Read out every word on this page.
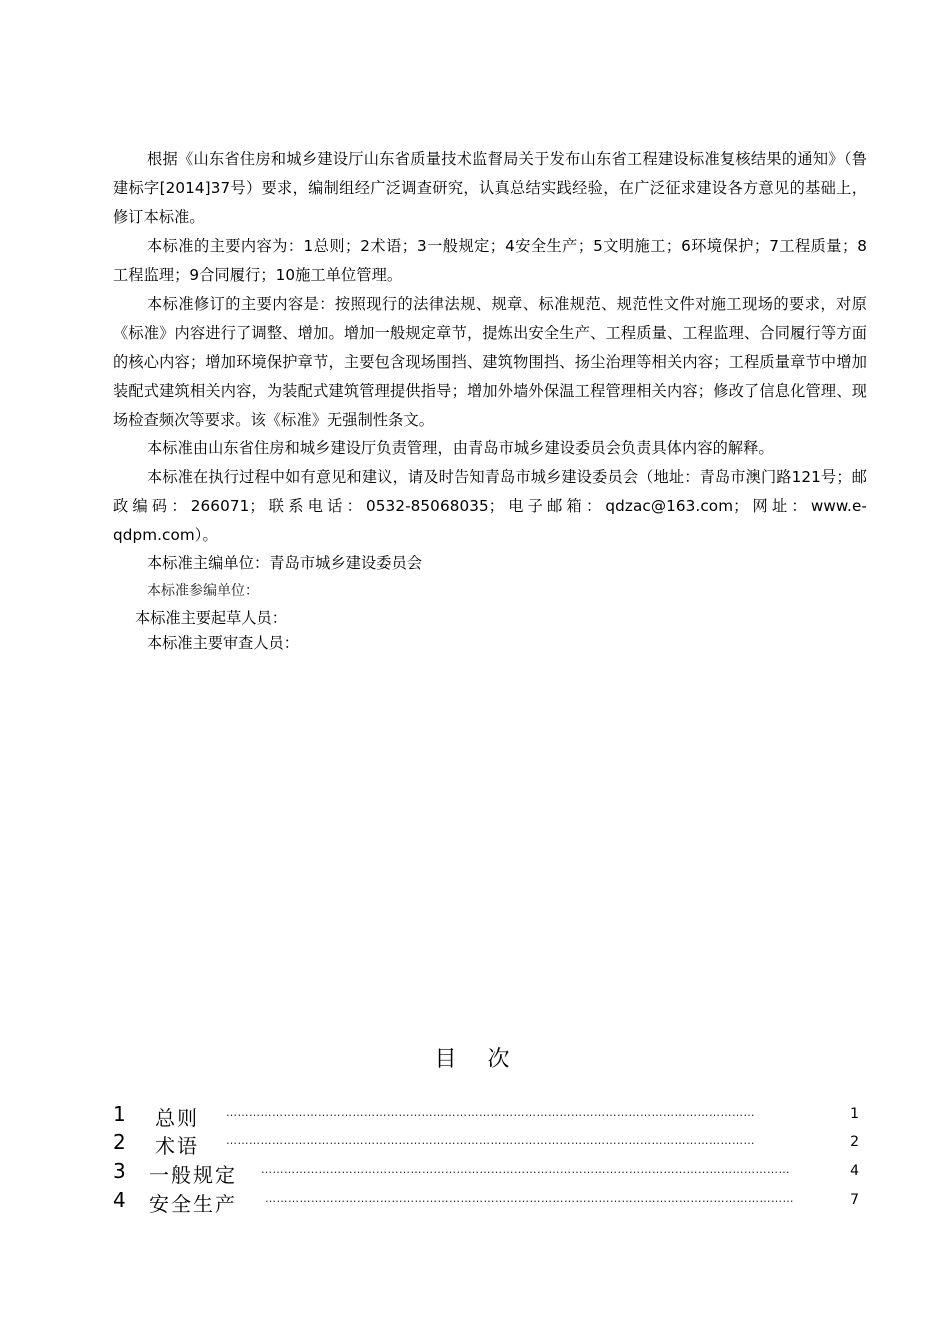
根据《山东省住房和城乡建设厅山东省质量技术监督局关于发布山东省工程建设标准复核结果的通知》（鲁建标字[2014]37号）要求，编制组经广泛调查研究，认真总结实践经验，在广泛征求建设各方意见的基础上，修订本标准。

本标准的主要内容为：1总则；2术语；3一般规定；4安全生产；5文明施工；6环境保护；7工程质量；8工程监理；9合同履行；10施工单位管理。

本标准修订的主要内容是：按照现行的法律法规、规章、标准规范、规范性文件对施工现场的要求，对原《标准》内容进行了调整、增加。增加一般规定章节，提炼出安全生产、工程质量、工程监理、合同履行等方面的核心内容；增加环境保护章节，主要包含现场围挡、建筑物围挡、扬尘治理等相关内容；工程质量章节中增加装配式建筑相关内容，为装配式建筑管理提供指导；增加外墙外保温工程管理相关内容；修改了信息化管理、现场检查频次等要求。该《标准》无强制性条文。

本标准由山东省住房和城乡建设厅负责管理，由青岛市城乡建设委员会负责具体内容的解释。

本标准在执行过程中如有意见和建议，请及时告知青岛市城乡建设委员会（地址：青岛市澳门路121号；邮政编码：266071；联系电话：0532-85068035；电子邮箱：qdzac@163.com；网址：www.e-qdpm.com）。

本标准主编单位：青岛市城乡建设委员会

本标准参编单位：
本标准主要起草人员：
本标准主要审查人员：
目 次
1 总则 …………………………………………………………………………………………………………………………	1
2 术语 …………………………………………………………………………………………………………………………	2
3 一般规定 …………………………………………………………………………………………………………………………	4
4 安全生产	…………………………………………………………………………………………………………………………	7
